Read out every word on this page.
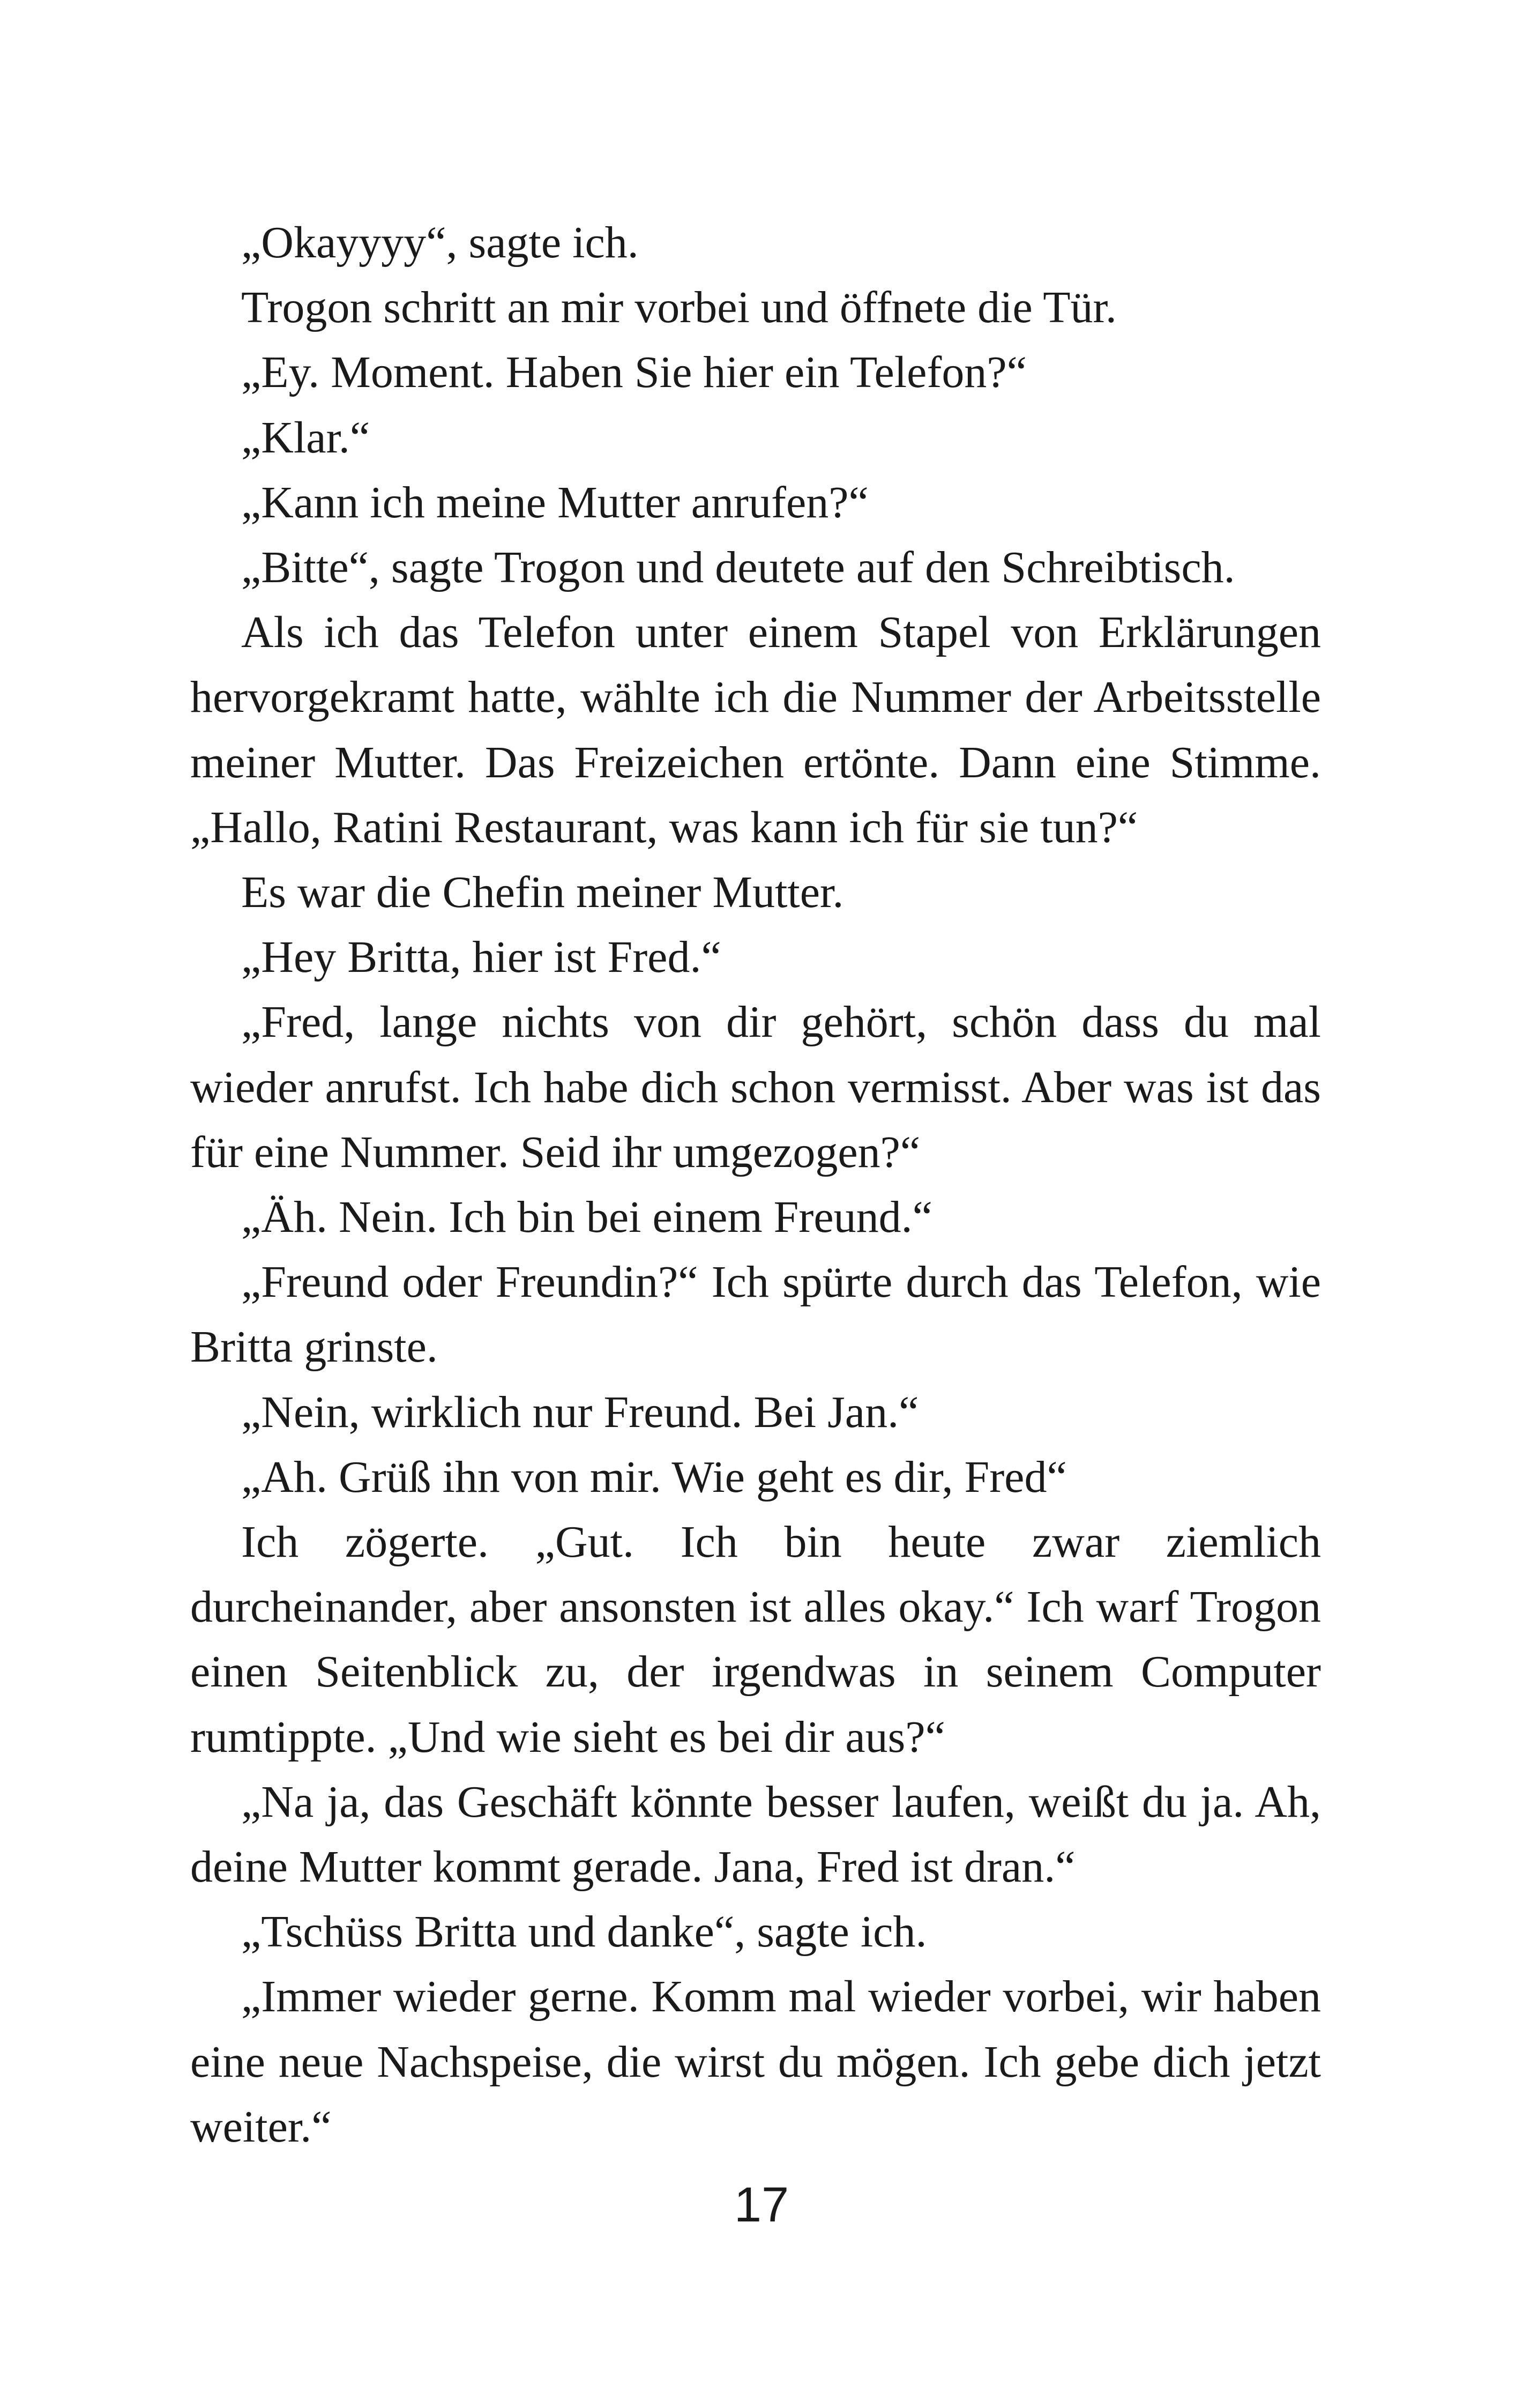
„Okayyyy“, sagte ich.

Trogon schritt an mir vorbei und öffnete die Tür.

„Ey. Moment. Haben Sie hier ein Telefon?“

„Klar.“

„Kann ich meine Mutter anrufen?“

„Bitte“, sagte Trogon und deutete auf den Schreibtisch.

Als ich das Telefon unter einem Stapel von Erklärungen hervorgekramt hatte, wählte ich die Nummer der Arbeitsstelle meiner Mutter. Das Freizeichen ertönte. Dann eine Stimme. „Hallo, Ratini Restaurant, was kann ich für sie tun?“

Es war die Chefin meiner Mutter.

„Hey Britta, hier ist Fred.“

„Fred, lange nichts von dir gehört, schön dass du mal wieder anrufst. Ich habe dich schon vermisst. Aber was ist das für eine Nummer. Seid ihr umgezogen?“

„Äh. Nein. Ich bin bei einem Freund.“

„Freund oder Freundin?“ Ich spürte durch das Telefon, wie Britta grinste.

„Nein, wirklich nur Freund. Bei Jan.“

„Ah. Grüß ihn von mir. Wie geht es dir, Fred“

Ich zögerte. „Gut. Ich bin heute zwar ziemlich durcheinander, aber ansonsten ist alles okay.“ Ich warf Trogon einen Seitenblick zu, der irgendwas in seinem Computer rumtippte. „Und wie sieht es bei dir aus?“

„Na ja, das Geschäft könnte besser laufen, weißt du ja. Ah, deine Mutter kommt gerade. Jana, Fred ist dran.“

„Tschüss Britta und danke“, sagte ich.

„Immer wieder gerne. Komm mal wieder vorbei, wir haben eine neue Nachspeise, die wirst du mögen. Ich gebe dich jetzt weiter.“

17
